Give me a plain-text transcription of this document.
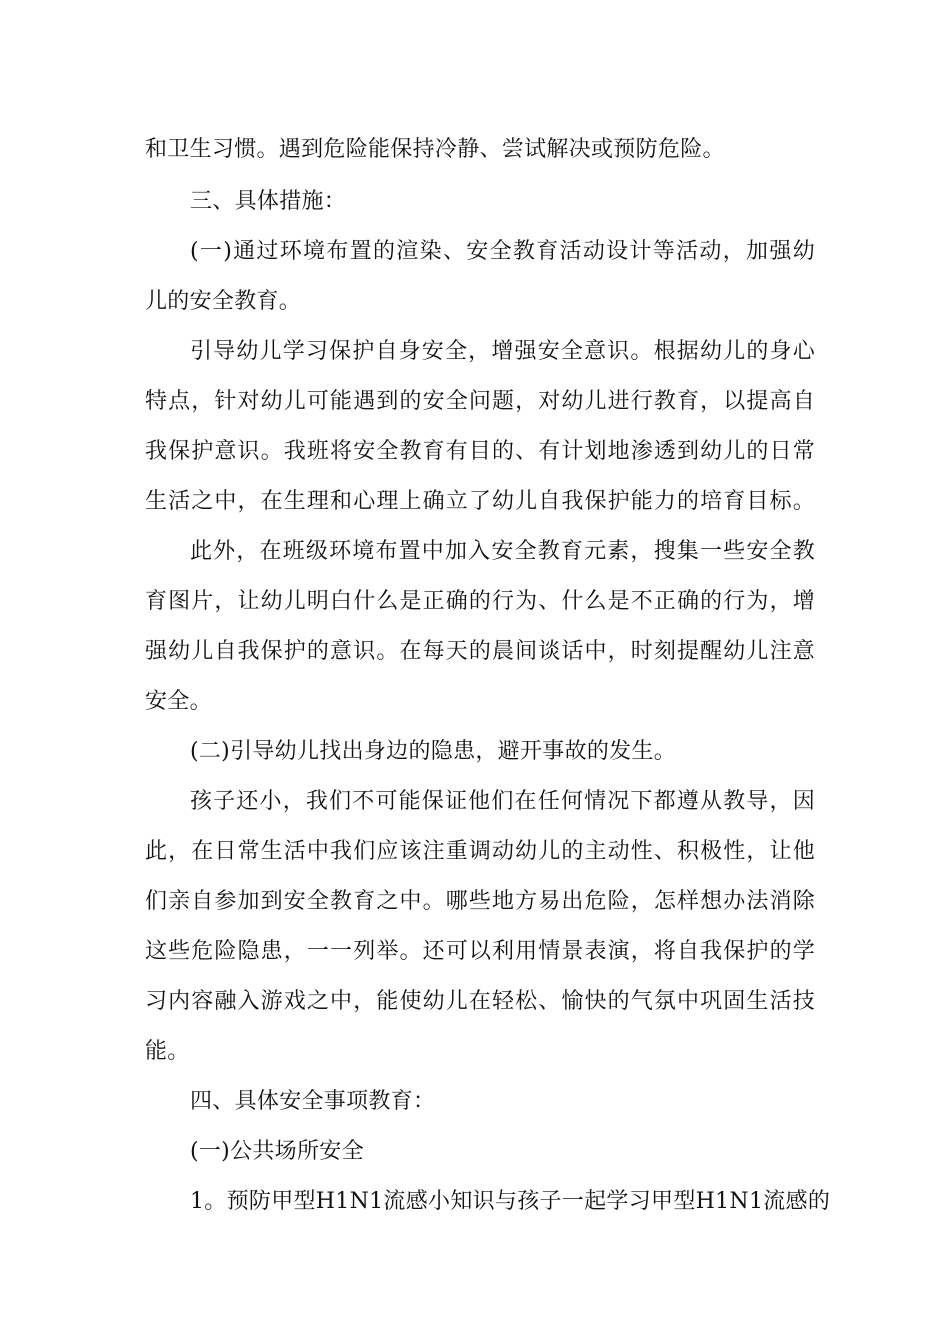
和卫生习惯。遇到危险能保持冷静、尝试解决或预防危险。
三、具体措施：
(一)通过环境布置的渲染、安全教育活动设计等活动，加强幼
儿的安全教育。
引导幼儿学习保护自身安全，增强安全意识。根据幼儿的身心
特点，针对幼儿可能遇到的安全问题，对幼儿进行教育，以提高自
我保护意识。我班将安全教育有目的、有计划地渗透到幼儿的日常
生活之中，在生理和心理上确立了幼儿自我保护能力的培育目标。
此外，在班级环境布置中加入安全教育元素，搜集一些安全教
育图片，让幼儿明白什么是正确的行为、什么是不正确的行为，增
强幼儿自我保护的意识。在每天的晨间谈话中，时刻提醒幼儿注意
安全。
(二)引导幼儿找出身边的隐患，避开事故的发生。
孩子还小，我们不可能保证他们在任何情况下都遵从教导，因
此，在日常生活中我们应该注重调动幼儿的主动性、积极性，让他
们亲自参加到安全教育之中。哪些地方易出危险，怎样想办法消除
这些危险隐患，一一列举。还可以利用情景表演，将自我保护的学
习内容融入游戏之中，能使幼儿在轻松、愉快的气氛中巩固生活技
能。
四、具体安全事项教育：
(一)公共场所安全
1。预防甲型H1N1流感小知识与孩子一起学习甲型H1N1流感的
